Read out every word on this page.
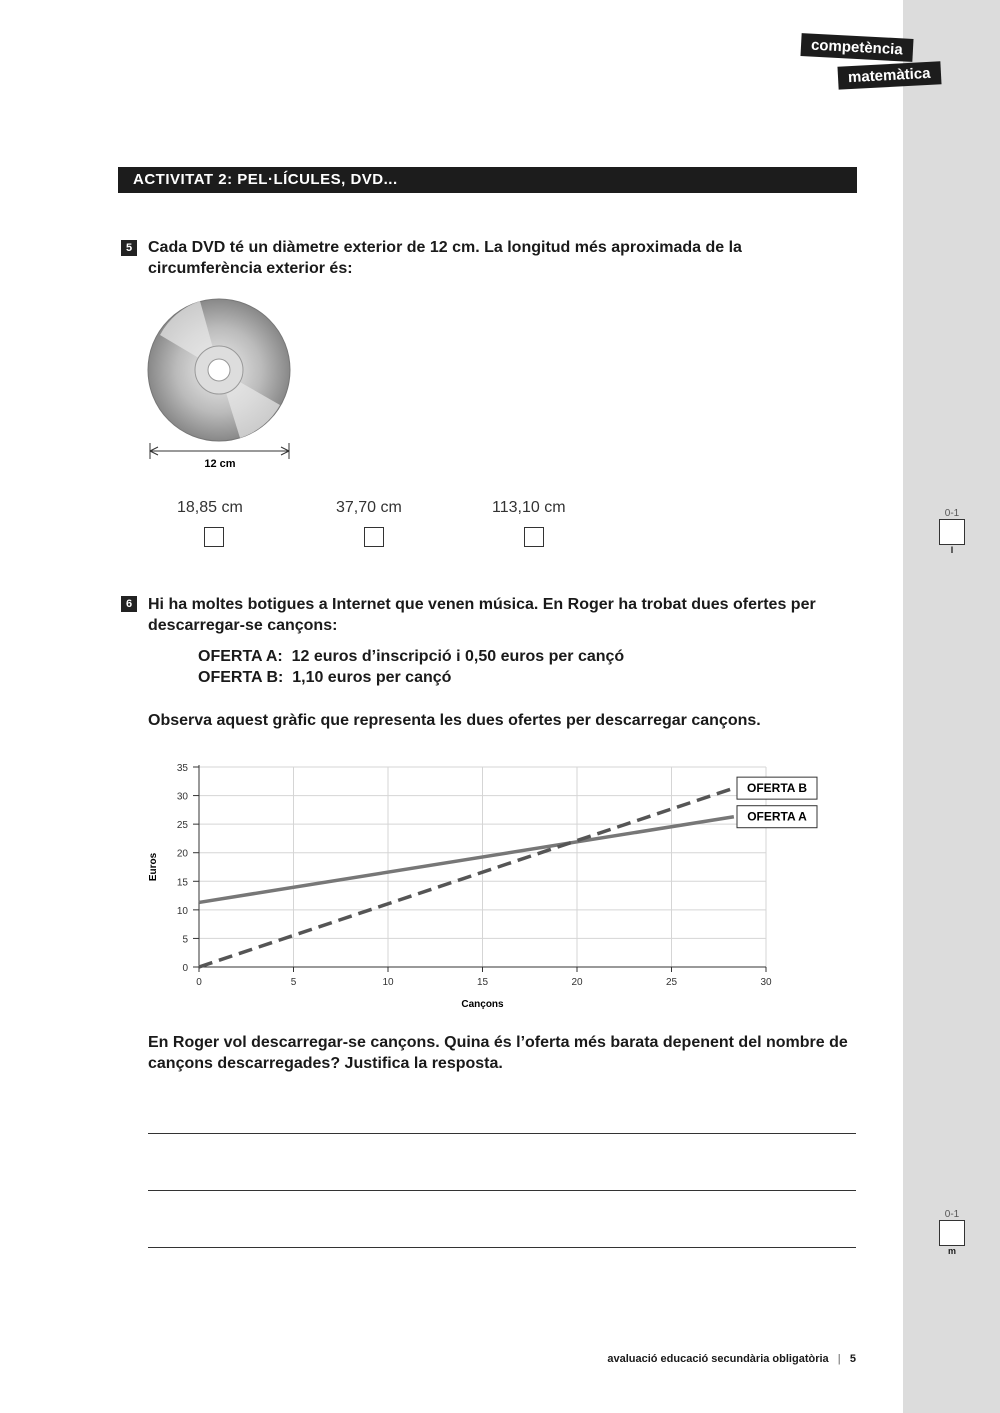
competència
matemàtica
ACTIVITAT 2: PEL·LÍCULES, DVD...
5 Cada DVD té un diàmetre exterior de 12 cm. La longitud més aproximada de la circumferència exterior és:
12 cm
18,85 cm	37,70 cm	113,10 cm
6 Hi ha moltes botigues a Internet que venen música. En Roger ha trobat dues ofertes per descarregar-se cançons:
OFERTA A: 12 euros d’inscripció i 0,50 euros per cançó
OFERTA B: 1,10 euros per cançó
Observa aquest gràfic que representa les dues ofertes per descarregar cançons.
0	5	10	15	20	25	30
0
5
10
15
20
25
30
35
Cançons
Euros
OFERTA A
OFERTA B
En Roger vol descarregar-se cançons. Quina és l’oferta més barata depenent del nombre de cançons descarregades? Justifica la resposta.
0-1
l
0-1
m
avaluació educació secundària obligatòria | 5
